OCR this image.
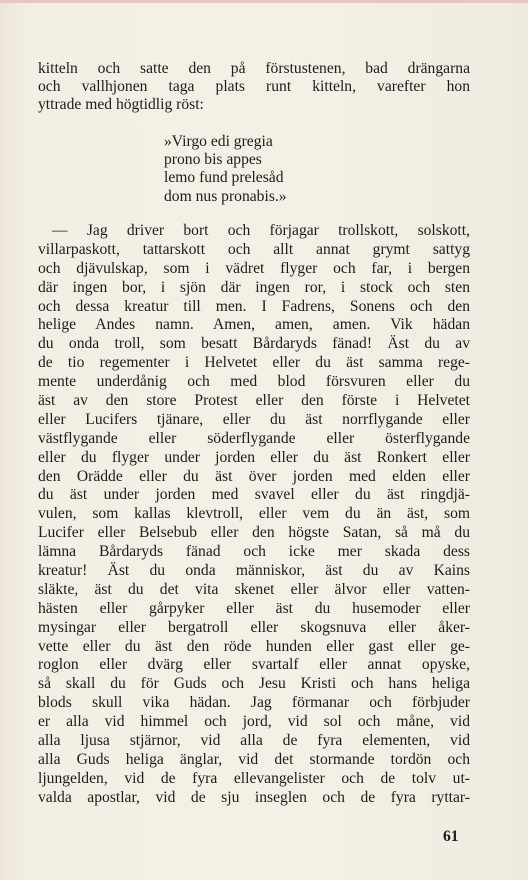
kitteln och satte den på förstustenen, bad drängarna
och vallhjonen taga plats runt kitteln, varefter hon
yttrade med högtidlig röst:
»Virgo edi gregia
prono bis appes
lemo fund prelesåd
dom nus pronabis.»
— Jag driver bort och förjagar trollskott, solskott,
villarpaskott, tattarskott och allt annat grymt sattyg
och djävulskap, som i vädret flyger och far, i bergen
där ingen bor, i sjön där ingen ror, i stock och sten
och dessa kreatur till men. I Fadrens, Sonens och den
helige Andes namn. Amen, amen, amen. Vik hädan
du onda troll, som besatt Bårdaryds fänad! Äst du av
de tio regementer i Helvetet eller du äst samma rege-
mente underdånig och med blod försvuren eller du
äst av den store Protest eller den förste i Helvetet
eller Lucifers tjänare, eller du äst norrflygande eller
västflygande eller söderflygande eller österflygande
eller du flyger under jorden eller du äst Ronkert eller
den Orädde eller du äst över jorden med elden eller
du äst under jorden med svavel eller du äst ringdjä-
vulen, som kallas klevtroll, eller vem du än äst, som
Lucifer eller Belsebub eller den högste Satan, så må du
lämna Bårdaryds fänad och icke mer skada dess
kreatur! Äst du onda människor, äst du av Kains
släkte, äst du det vita skenet eller älvor eller vatten-
hästen eller gårpyker eller äst du husemoder eller
mysingar eller bergatroll eller skogsnuva eller åker-
vette eller du äst den röde hunden eller gast eller ge-
roglon eller dvärg eller svartalf eller annat opyske,
så skall du för Guds och Jesu Kristi och hans heliga
blods skull vika hädan. Jag förmanar och förbjuder
er alla vid himmel och jord, vid sol och måne, vid
alla ljusa stjärnor, vid alla de fyra elementen, vid
alla Guds heliga änglar, vid det stormande tordön och
ljungelden, vid de fyra ellevangelister och de tolv ut-
valda apostlar, vid de sju inseglen och de fyra ryttar-
61
